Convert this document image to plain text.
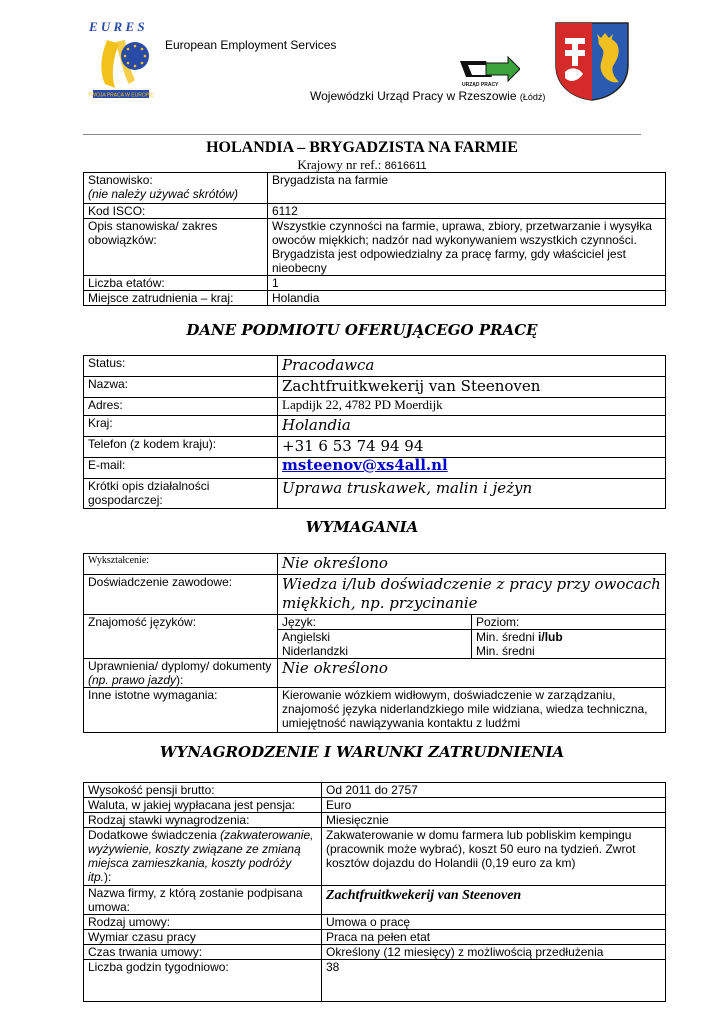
E U R E S
TWOJA PRACA W EUROPIE
European Employment Services
URZĄD PRACY
Wojewódzki Urząd Pracy w Rzeszowie (Łódź)
HOLANDIA – BRYGADZISTA NA FARMIE
Krajowy nr ref.: 8616611
Stanowisko:
(nie należy używać skrótów)	Brygadzista na farmie
Kod ISCO:	6112
Opis stanowiska/ zakres obowiązków:	Wszystkie czynności na farmie, uprawa, zbiory, przetwarzanie i wysyłka owoców miękkich; nadzór nad wykonywaniem wszystkich czynności. Brygadzista jest odpowiedzialny za pracę farmy, gdy właściciel jest nieobecny
Liczba etatów:	1
Miejsce zatrudnienia – kraj:	Holandia
DANE PODMIOTU OFERUJĄCEGO PRACĘ
Status:	Pracodawca
Nazwa:	Zachtfruitkwekerij van Steenoven
Adres:	Lapdijk 22, 4782 PD Moerdijk
Kraj:	Holandia
Telefon (z kodem kraju):	+31 6 53 74 94 94
E-mail:	msteenov@xs4all.nl
Krótki opis działalności gospodarczej:	Uprawa truskawek, malin i jeżyn
WYMAGANIA
Wykształcenie:	Nie określono
Doświadczenie zawodowe:	Wiedza i/lub doświadczenie z pracy przy owocach miękkich, np. przycinanie
Znajomość języków:		Język:	Poziom:
Angielski	Min. średni i/lub
Niderlandzki	Min. średni

Uprawnienia/ dyplomy/ dokumenty
(np. prawo jazdy):
	Nie określono
Inne istotne wymagania:	Kierowanie wózkiem widłowym, doświadczenie w zarządzaniu, znajomość języka niderlandzkiego mile widziana, wiedza techniczna, umiejętność nawiązywania kontaktu z ludźmi
WYNAGRODZENIE I WARUNKI ZATRUDNIENIA
Wysokość pensji brutto:	Od 2011 do 2757
Waluta, w jakiej wypłacana jest pensja:	Euro
Rodzaj stawki wynagrodzenia:	Miesięcznie
Dodatkowe świadczenia (zakwaterowanie, wyżywienie, koszty związane ze zmianą miejsca zamieszkania, koszty podróży itp.):	Zakwaterowanie w domu farmera lub pobliskim kempingu (pracownik może wybrać), koszt 50 euro na tydzień. Zwrot kosztów dojazdu do Holandii (0,19 euro za km)
Nazwa firmy, z którą zostanie podpisana umowa:	Zachtfruitkwekerij van Steenoven
Rodzaj umowy:	Umowa o pracę
Wymiar czasu pracy	Praca na pełen etat
Czas trwania umowy:	Określony (12 miesięcy) z możliwością przedłużenia
Liczba godzin tygodniowo:	38
